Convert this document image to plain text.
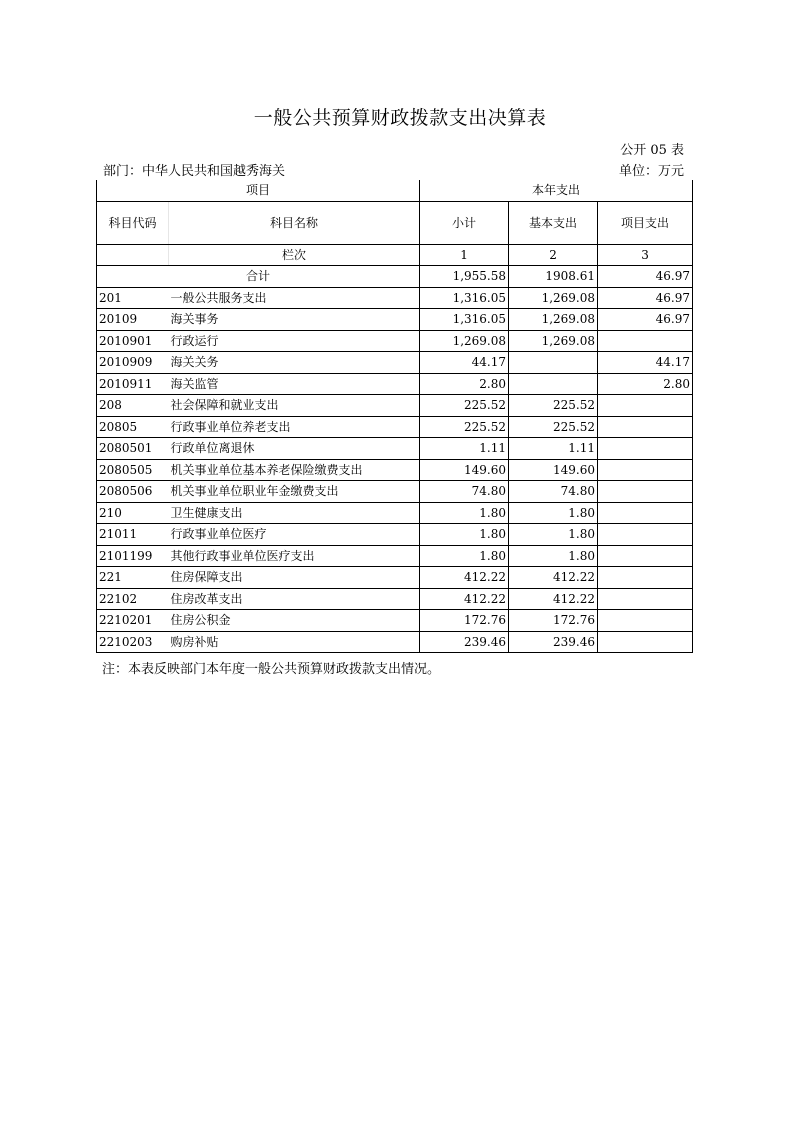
一般公共预算财政拨款支出决算表
公开 05 表
部门：中华人民共和国越秀海关	单位：万元
项目		本年支出		
科目代码	科目名称	小计	基本支出	项目支出
	栏次	1	2	3
合计		1,955.58	1908.61	46.97
201	一般公共服务支出	1,316.05	1,269.08	46.97
20109	海关事务	1,316.05	1,269.08	46.97
2010901	行政运行	1,269.08	1,269.08	
2010909	海关关务	44.17		44.17
2010911	海关监管	2.80		2.80
208	社会保障和就业支出	225.52	225.52	
20805	行政事业单位养老支出	225.52	225.52	
2080501	行政单位离退休	1.11	1.11	
2080505	机关事业单位基本养老保险缴费支出	149.60	149.60	
2080506	机关事业单位职业年金缴费支出	74.80	74.80	
210	卫生健康支出	1.80	1.80	
21011	行政事业单位医疗	1.80	1.80	
2101199	其他行政事业单位医疗支出	1.80	1.80	
221	住房保障支出	412.22	412.22	
22102	住房改革支出	412.22	412.22	
2210201	住房公积金	172.76	172.76	
2210203	购房补贴	239.46	239.46	
注：本表反映部门本年度一般公共预算财政拨款支出情况。
